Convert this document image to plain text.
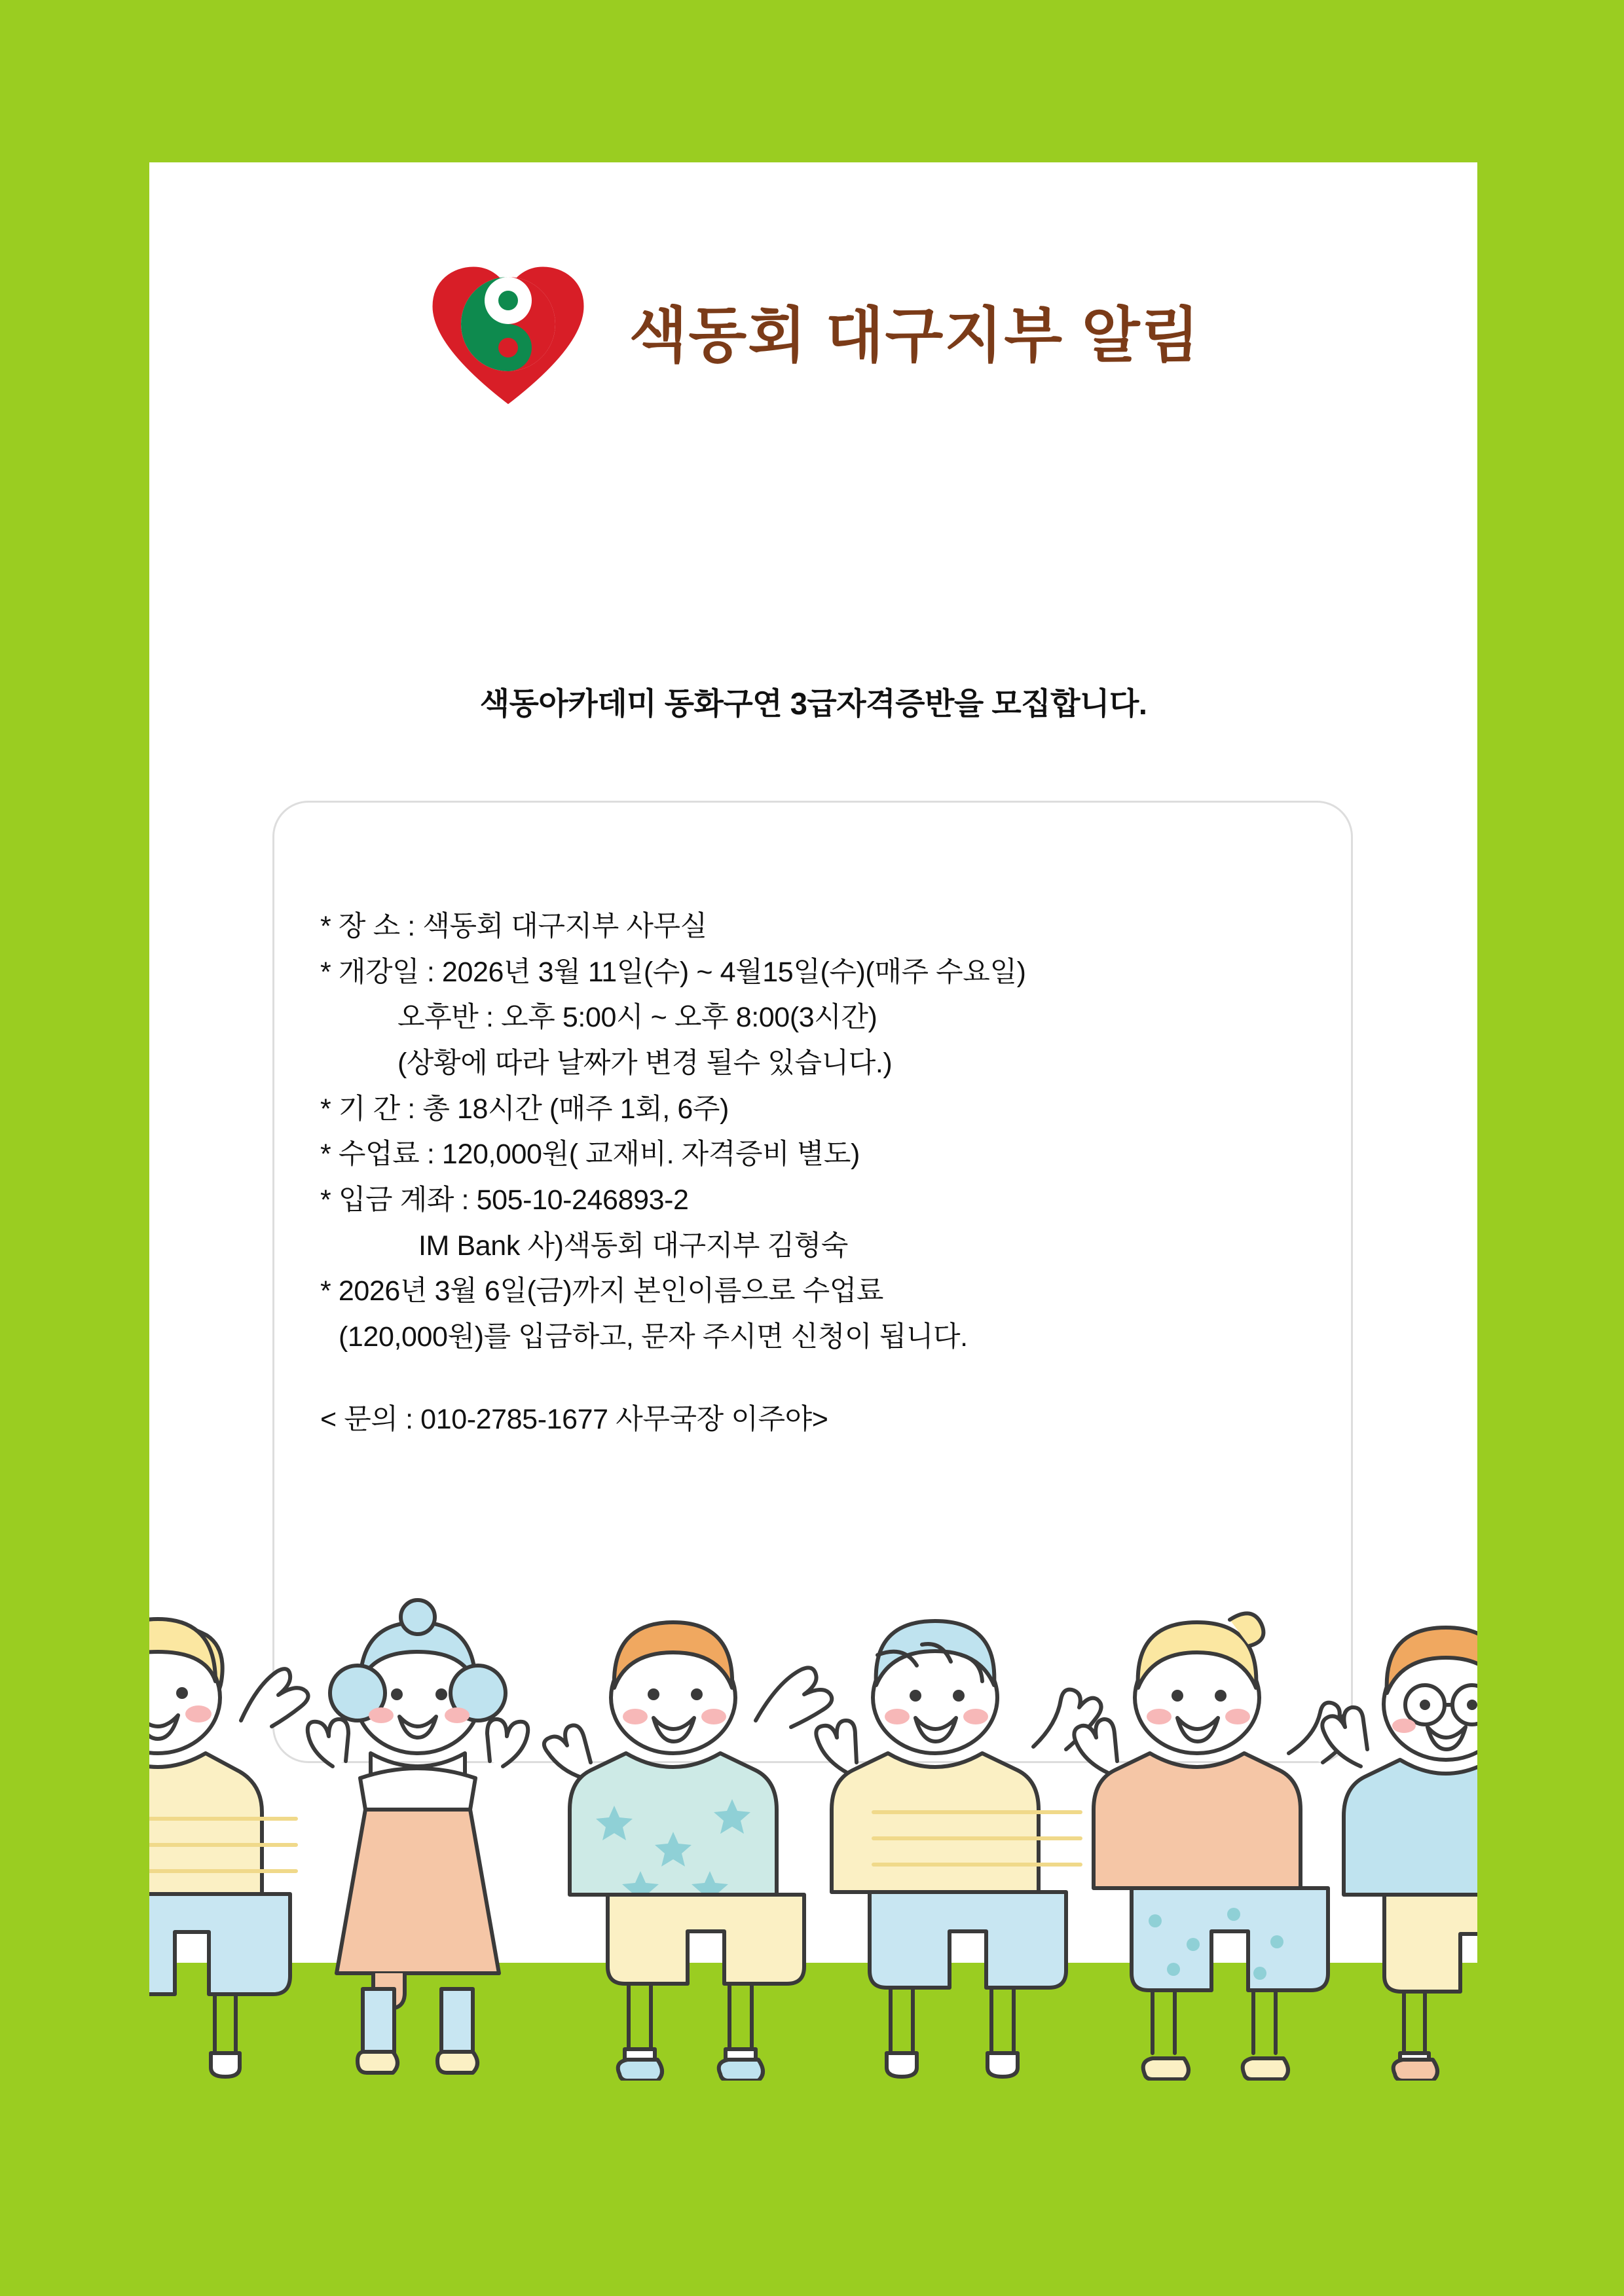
색동회 대구지부 알림
색동아카데미 동화구연 3급자격증반을 모집합니다.
* 장 소 : 색동회 대구지부 사무실
* 개강일 : 2026년 3월 11일(수) ~ 4월15일(수)(매주 수요일)
오후반 : 오후 5:00시 ~ 오후 8:00(3시간)
(상황에 따라 날짜가 변경 될수 있습니다.)
* 기 간 : 총 18시간 (매주 1회, 6주)
* 수업료 : 120,000원( 교재비. 자격증비 별도)
* 입금 계좌 : 505-10-246893-2
IM Bank 사)색동회 대구지부 김형숙
* 2026년 3월 6일(금)까지 본인이름으로 수업료
(120,000원)를 입금하고, 문자 주시면 신청이 됩니다.
< 문의 : 010-2785-1677 사무국장 이주야>
